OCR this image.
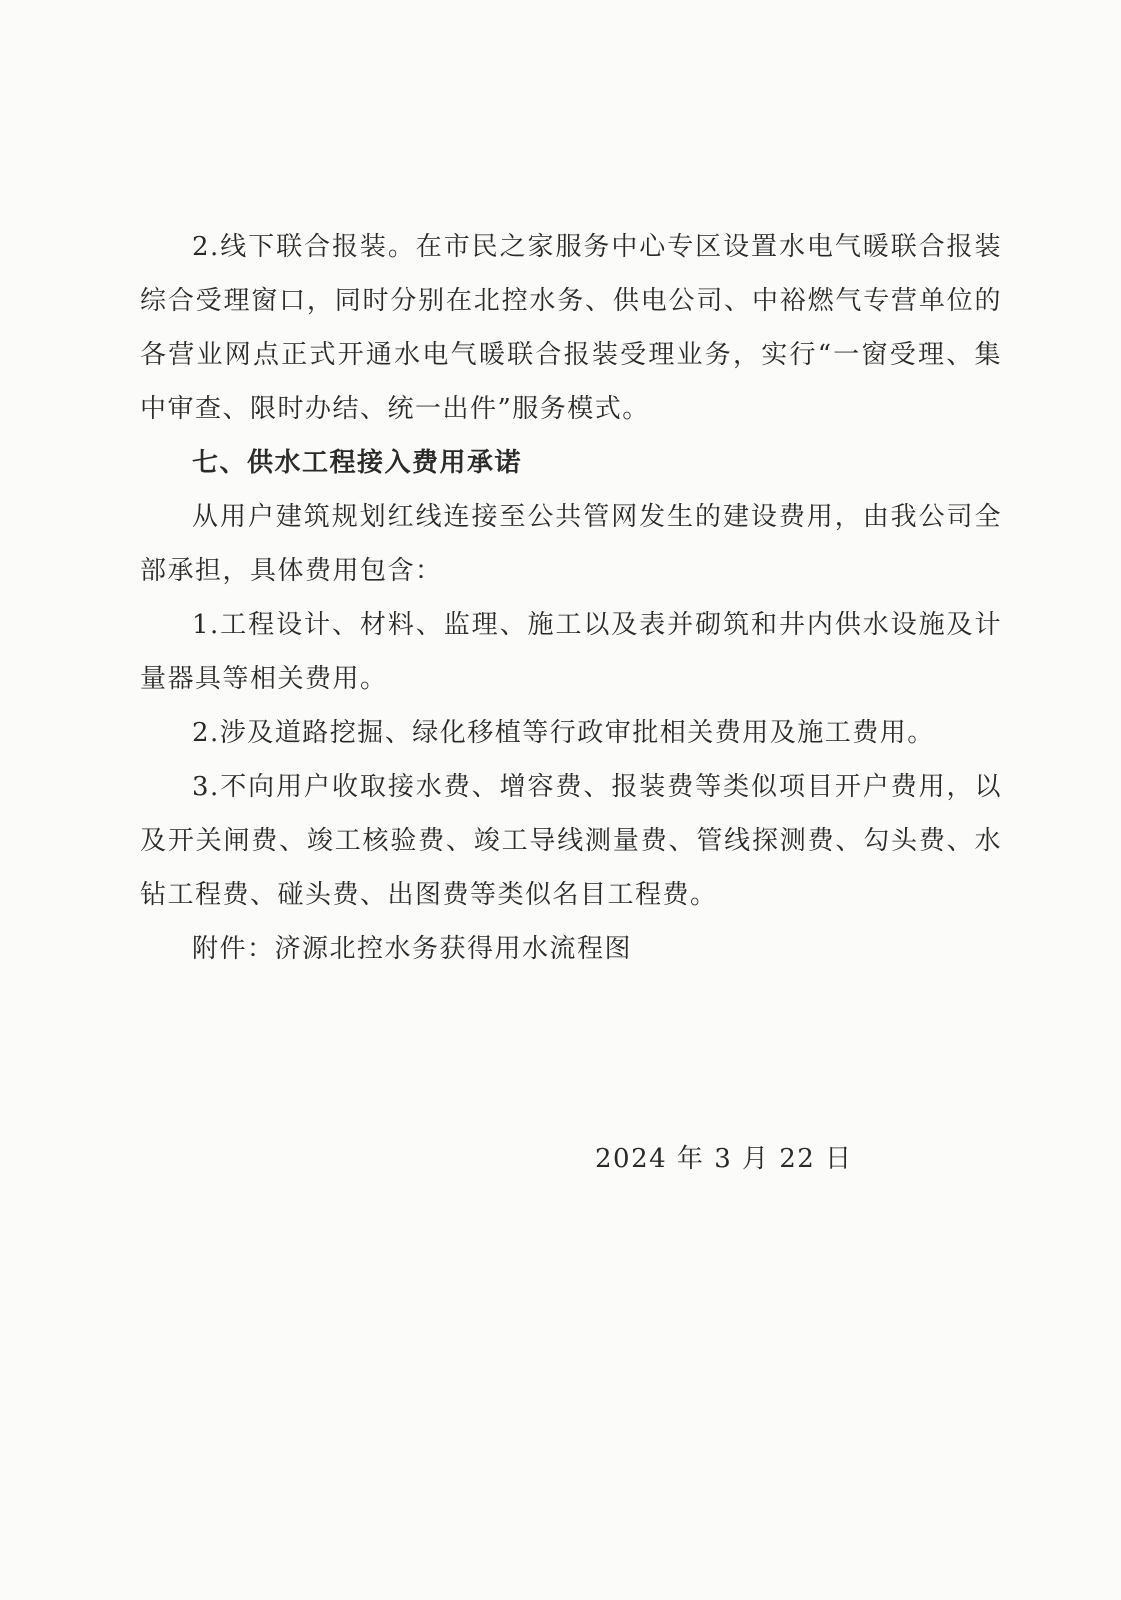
2.线下联合报装。在市民之家服务中心专区设置水电气暖联合报装综合受理窗口，同时分别在北控水务、供电公司、中裕燃气专营单位的各营业网点正式开通水电气暖联合报装受理业务，实行“一窗受理、集中审查、限时办结、统一出件”服务模式。

七、供水工程接入费用承诺

从用户建筑规划红线连接至公共管网发生的建设费用，由我公司全部承担，具体费用包含：

1.工程设计、材料、监理、施工以及表并砌筑和井内供水设施及计量器具等相关费用。

2.涉及道路挖掘、绿化移植等行政审批相关费用及施工费用。

3.不向用户收取接水费、增容费、报装费等类似项目开户费用，以及开关闸费、竣工核验费、竣工导线测量费、管线探测费、勾头费、水钻工程费、碰头费、出图费等类似名目工程费。

附件：济源北控水务获得用水流程图

2024 年 3 月 22 日
